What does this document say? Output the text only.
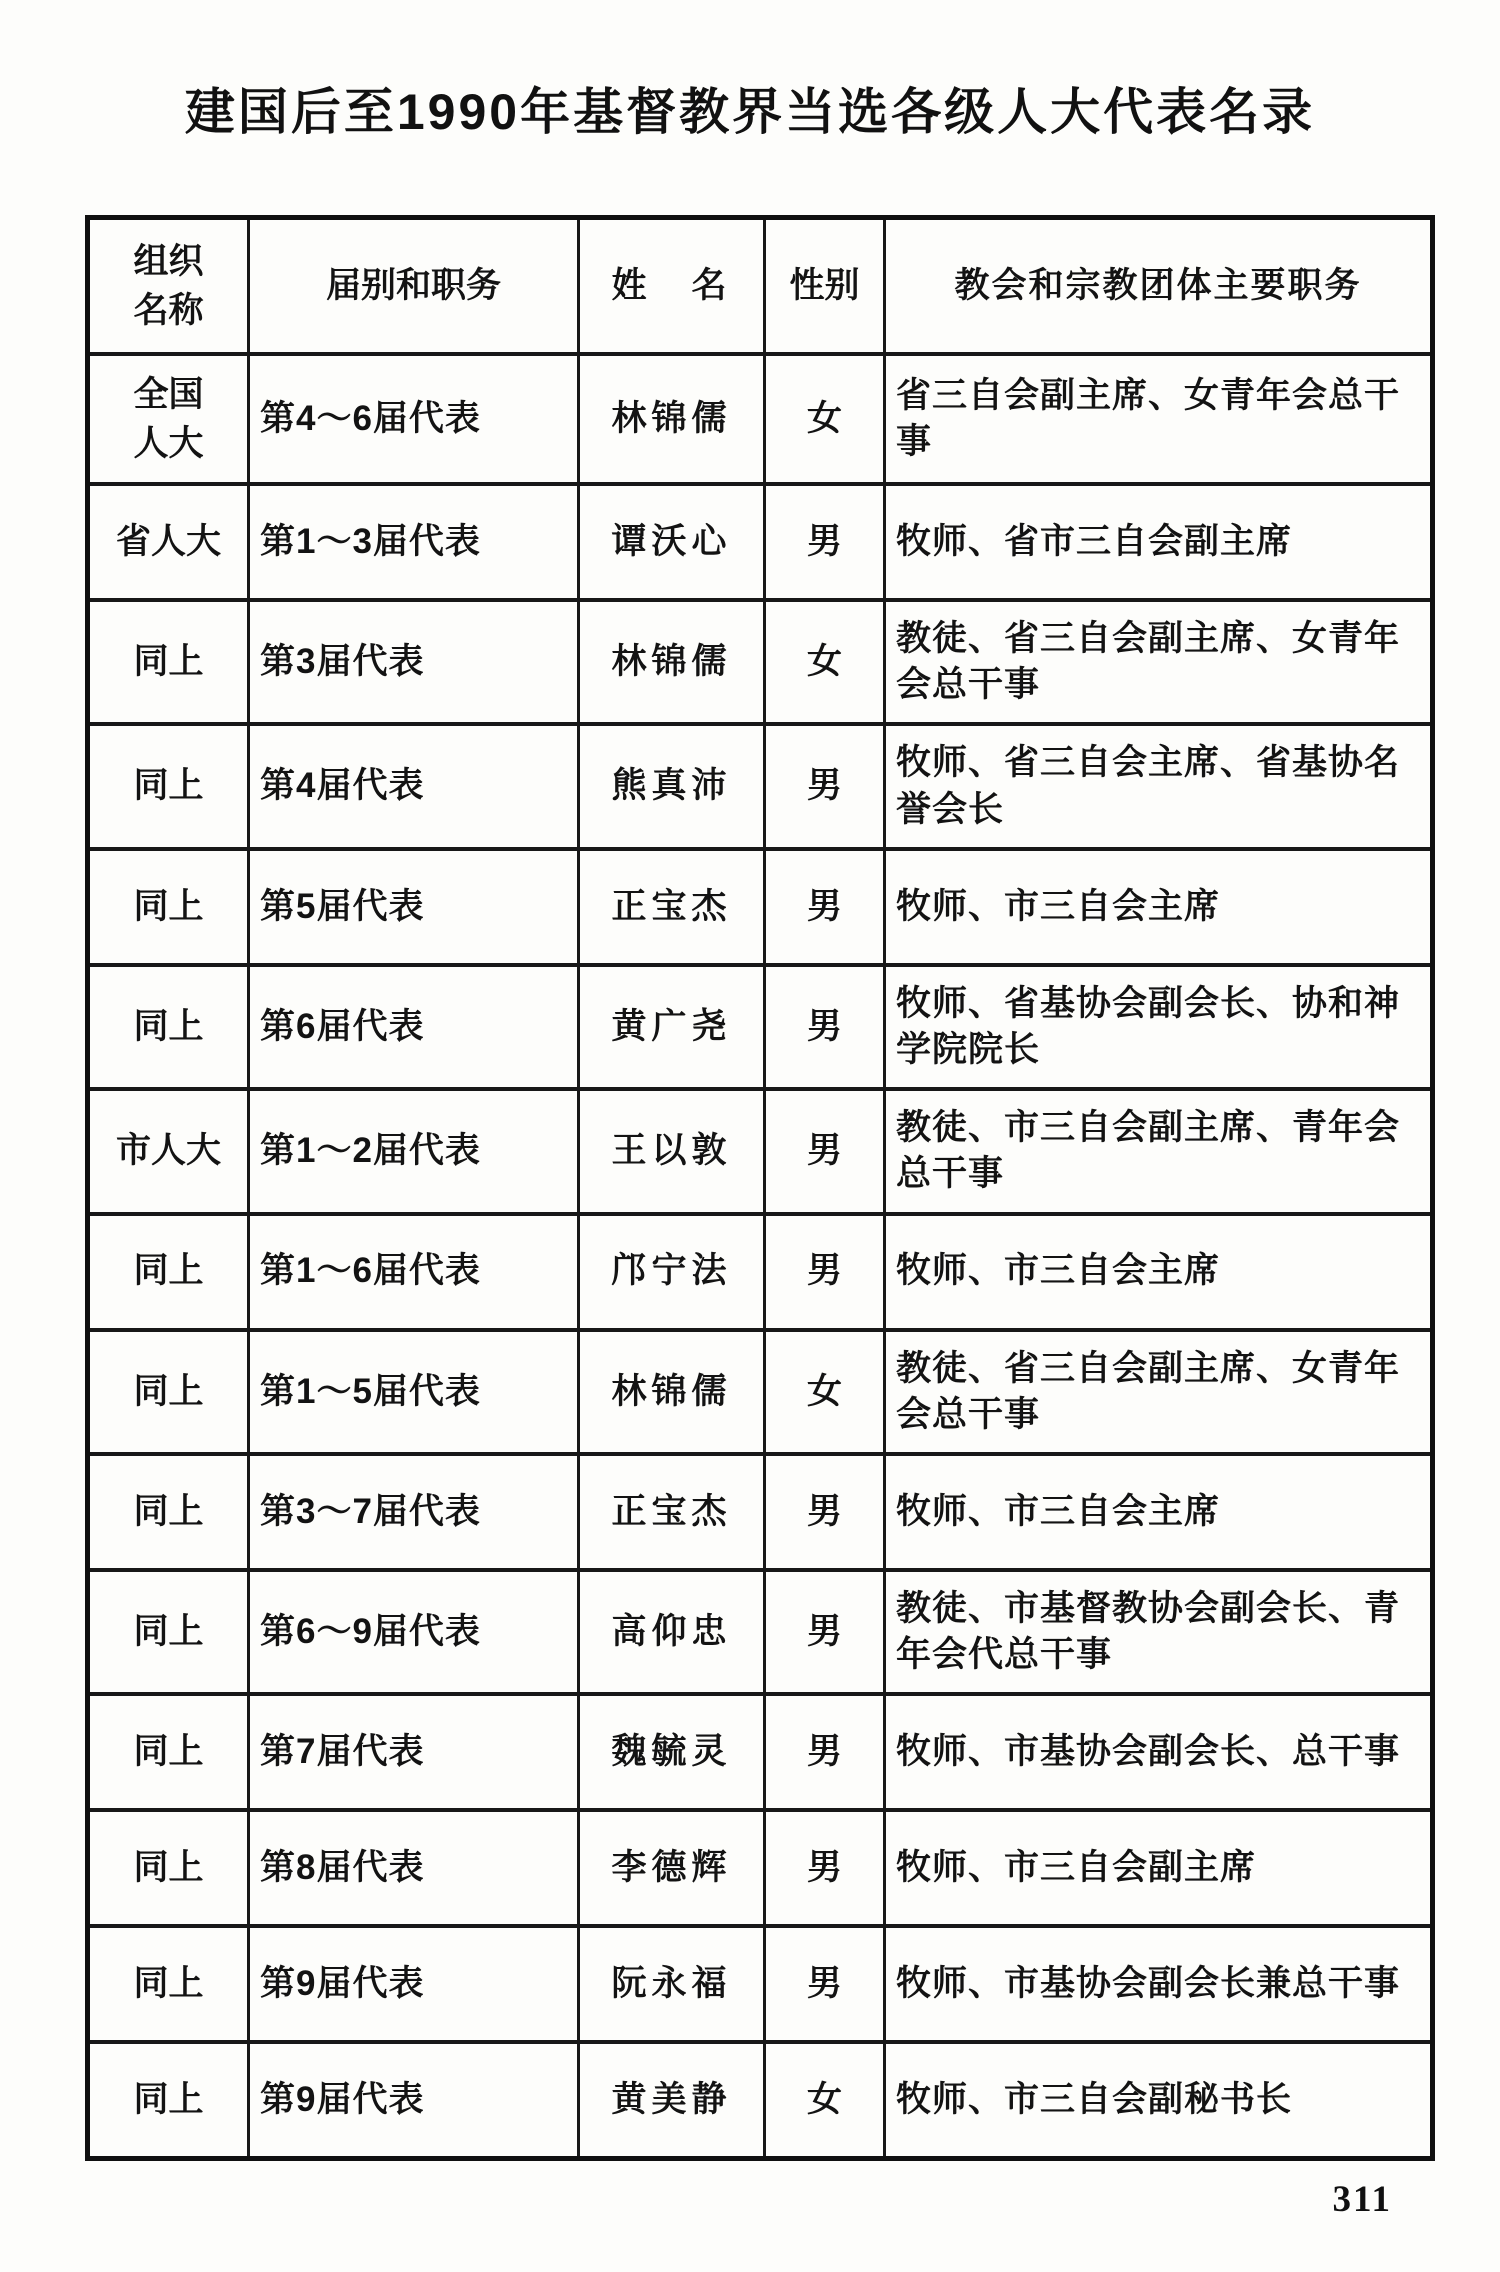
建国后至1990年基督教界当选各级人大代表名录
组织名称	届别和职务	姓　名	性别	教会和宗教团体主要职务
全国人大	第4～6届代表	林锦儒	女	省三自会副主席、女青年会总干事
省人大	第1～3届代表	谭沃心	男	牧师、省市三自会副主席
同上	第3届代表	林锦儒	女	教徒、省三自会副主席、女青年会总干事
同上	第4届代表	熊真沛	男	牧师、省三自会主席、省基协名誉会长
同上	第5届代表	正宝杰	男	牧师、市三自会主席
同上	第6届代表	黄广尧	男	牧师、省基协会副会长、协和神学院院长
市人大	第1～2届代表	王以敦	男	教徒、市三自会副主席、青年会总干事
同上	第1～6届代表	邝宁法	男	牧师、市三自会主席
同上	第1～5届代表	林锦儒	女	教徒、省三自会副主席、女青年会总干事
同上	第3～7届代表	正宝杰	男	牧师、市三自会主席
同上	第6～9届代表	高仰忠	男	教徒、市基督教协会副会长、青年会代总干事
同上	第7届代表	魏毓灵	男	牧师、市基协会副会长、总干事
同上	第8届代表	李德辉	男	牧师、市三自会副主席
同上	第9届代表	阮永福	男	牧师、市基协会副会长兼总干事
同上	第9届代表	黄美静	女	牧师、市三自会副秘书长
311
